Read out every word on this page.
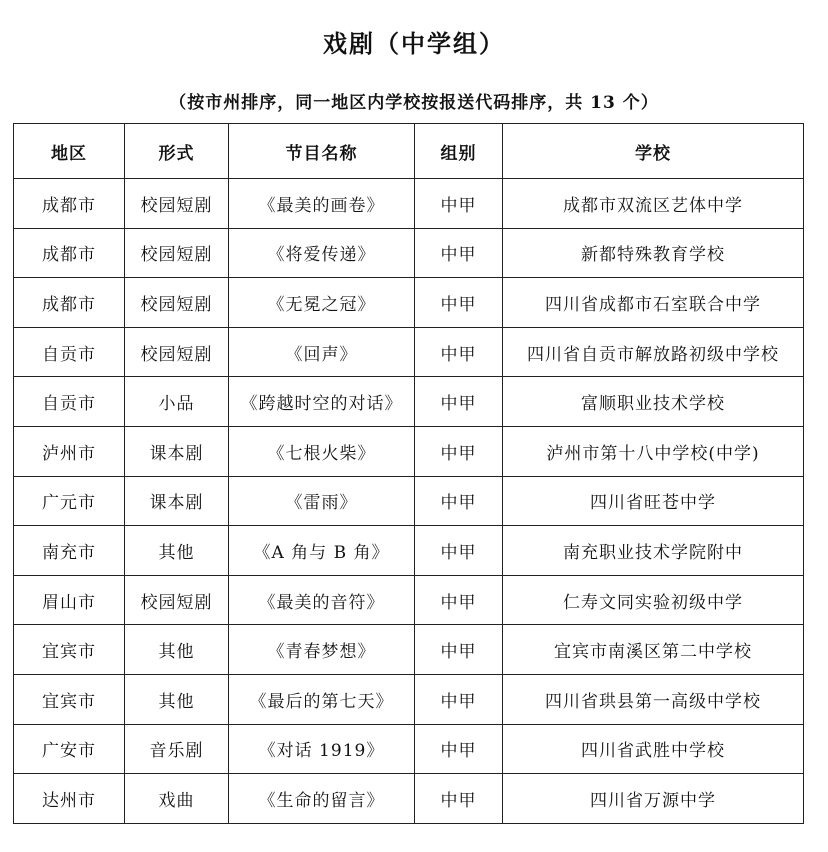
戏剧（中学组）
（按市州排序，同一地区内学校按报送代码排序，共 13 个）
地区	形式	节目名称	组别	学校
成都市	校园短剧	《最美的画卷》	中甲	成都市双流区艺体中学
成都市	校园短剧	《将爱传递》	中甲	新都特殊教育学校
成都市	校园短剧	《无冕之冠》	中甲	四川省成都市石室联合中学
自贡市	校园短剧	《回声》	中甲	四川省自贡市解放路初级中学校
自贡市	小品	《跨越时空的对话》	中甲	富顺职业技术学校
泸州市	课本剧	《七根火柴》	中甲	泸州市第十八中学校(中学)
广元市	课本剧	《雷雨》	中甲	四川省旺苍中学
南充市	其他	《A 角与 B 角》	中甲	南充职业技术学院附中
眉山市	校园短剧	《最美的音符》	中甲	仁寿文同实验初级中学
宜宾市	其他	《青春梦想》	中甲	宜宾市南溪区第二中学校
宜宾市	其他	《最后的第七天》	中甲	四川省珙县第一高级中学校
广安市	音乐剧	《对话 1919》	中甲	四川省武胜中学校
达州市	戏曲	《生命的留言》	中甲	四川省万源中学
